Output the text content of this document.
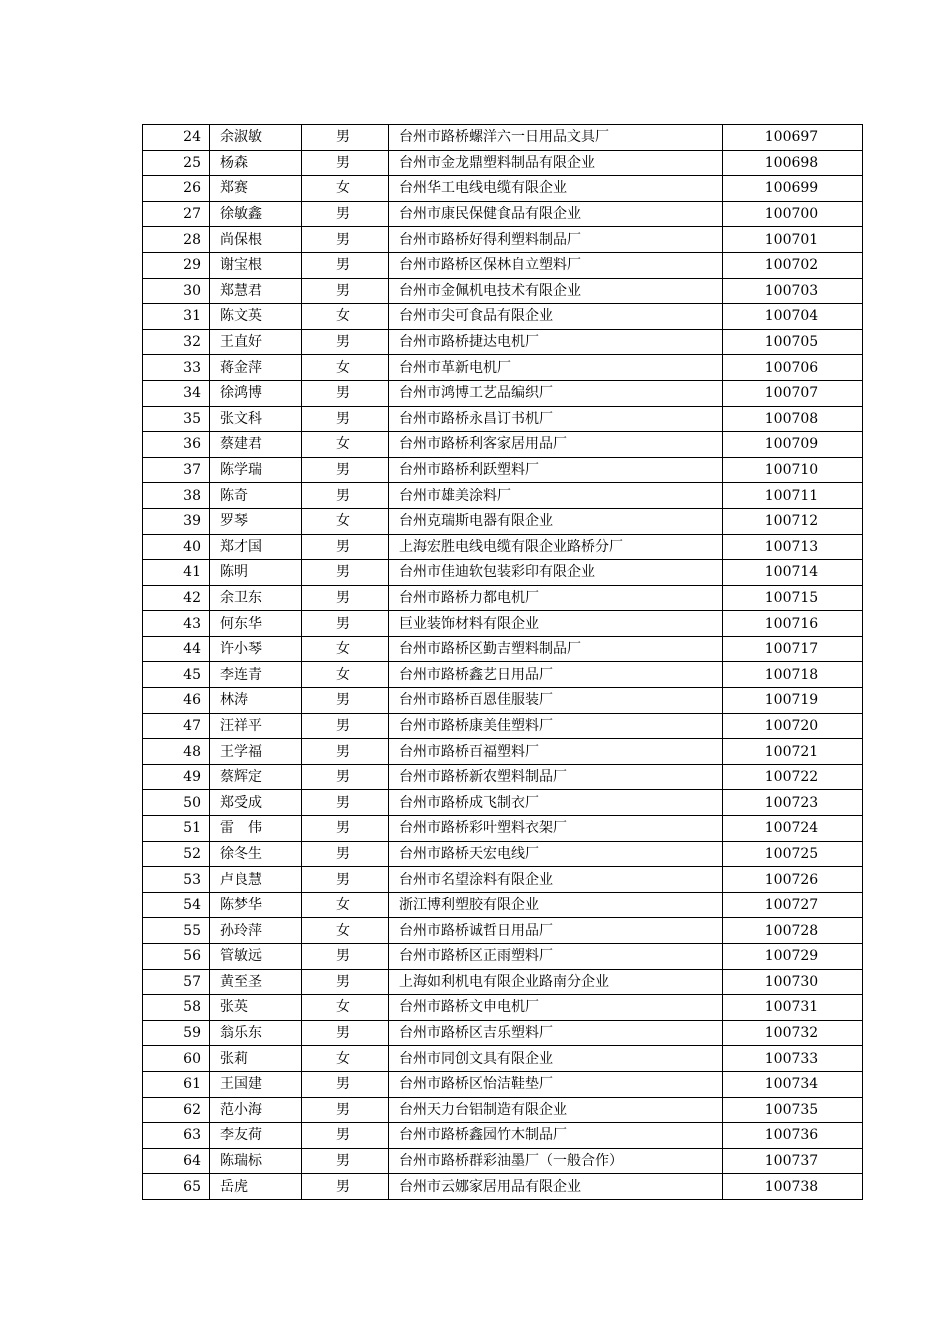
24	余淑敏	男	台州市路桥螺洋六一日用品文具厂	100697
25	杨森	男	台州市金龙鼎塑料制品有限企业	100698
26	郑赛	女	台州华工电线电缆有限企业	100699
27	徐敏鑫	男	台州市康民保健食品有限企业	100700
28	尚保根	男	台州市路桥好得利塑料制品厂	100701
29	谢宝根	男	台州市路桥区保林自立塑料厂	100702
30	郑慧君	男	台州市金佩机电技术有限企业	100703
31	陈文英	女	台州市尖可食品有限企业	100704
32	王直好	男	台州市路桥捷达电机厂	100705
33	蒋金萍	女	台州市革新电机厂	100706
34	徐鸿博	男	台州市鸿博工艺品编织厂	100707
35	张文科	男	台州市路桥永昌订书机厂	100708
36	蔡建君	女	台州市路桥利客家居用品厂	100709
37	陈学瑞	男	台州市路桥利跃塑料厂	100710
38	陈奇	男	台州市雄美涂料厂	100711
39	罗琴	女	台州克瑞斯电器有限企业	100712
40	郑才国	男	上海宏胜电线电缆有限企业路桥分厂	100713
41	陈明	男	台州市佳迪软包装彩印有限企业	100714
42	余卫东	男	台州市路桥力都电机厂	100715
43	何东华	男	巨业装饰材料有限企业	100716
44	许小琴	女	台州市路桥区勤吉塑料制品厂	100717
45	李连青	女	台州市路桥鑫艺日用品厂	100718
46	林涛	男	台州市路桥百恩佳服装厂	100719
47	汪祥平	男	台州市路桥康美佳塑料厂	100720
48	王学福	男	台州市路桥百福塑料厂	100721
49	蔡辉定	男	台州市路桥新农塑料制品厂	100722
50	郑受成	男	台州市路桥成飞制衣厂	100723
51	雷　伟	男	台州市路桥彩叶塑料衣架厂	100724
52	徐冬生	男	台州市路桥天宏电线厂	100725
53	卢良慧	男	台州市名望涂料有限企业	100726
54	陈梦华	女	浙江博利塑胶有限企业	100727
55	孙玲萍	女	台州市路桥诚哲日用品厂	100728
56	管敏远	男	台州市路桥区正雨塑料厂	100729
57	黄至圣	男	上海如利机电有限企业路南分企业	100730
58	张英	女	台州市路桥文申电机厂	100731
59	翁乐东	男	台州市路桥区吉乐塑料厂	100732
60	张莉	女	台州市同创文具有限企业	100733
61	王国建	男	台州市路桥区怡洁鞋垫厂	100734
62	范小海	男	台州天力台铝制造有限企业	100735
63	李友荷	男	台州市路桥鑫园竹木制品厂	100736
64	陈瑞标	男	台州市路桥群彩油墨厂（一般合作）	100737
65	岳虎	男	台州市云娜家居用品有限企业	100738
